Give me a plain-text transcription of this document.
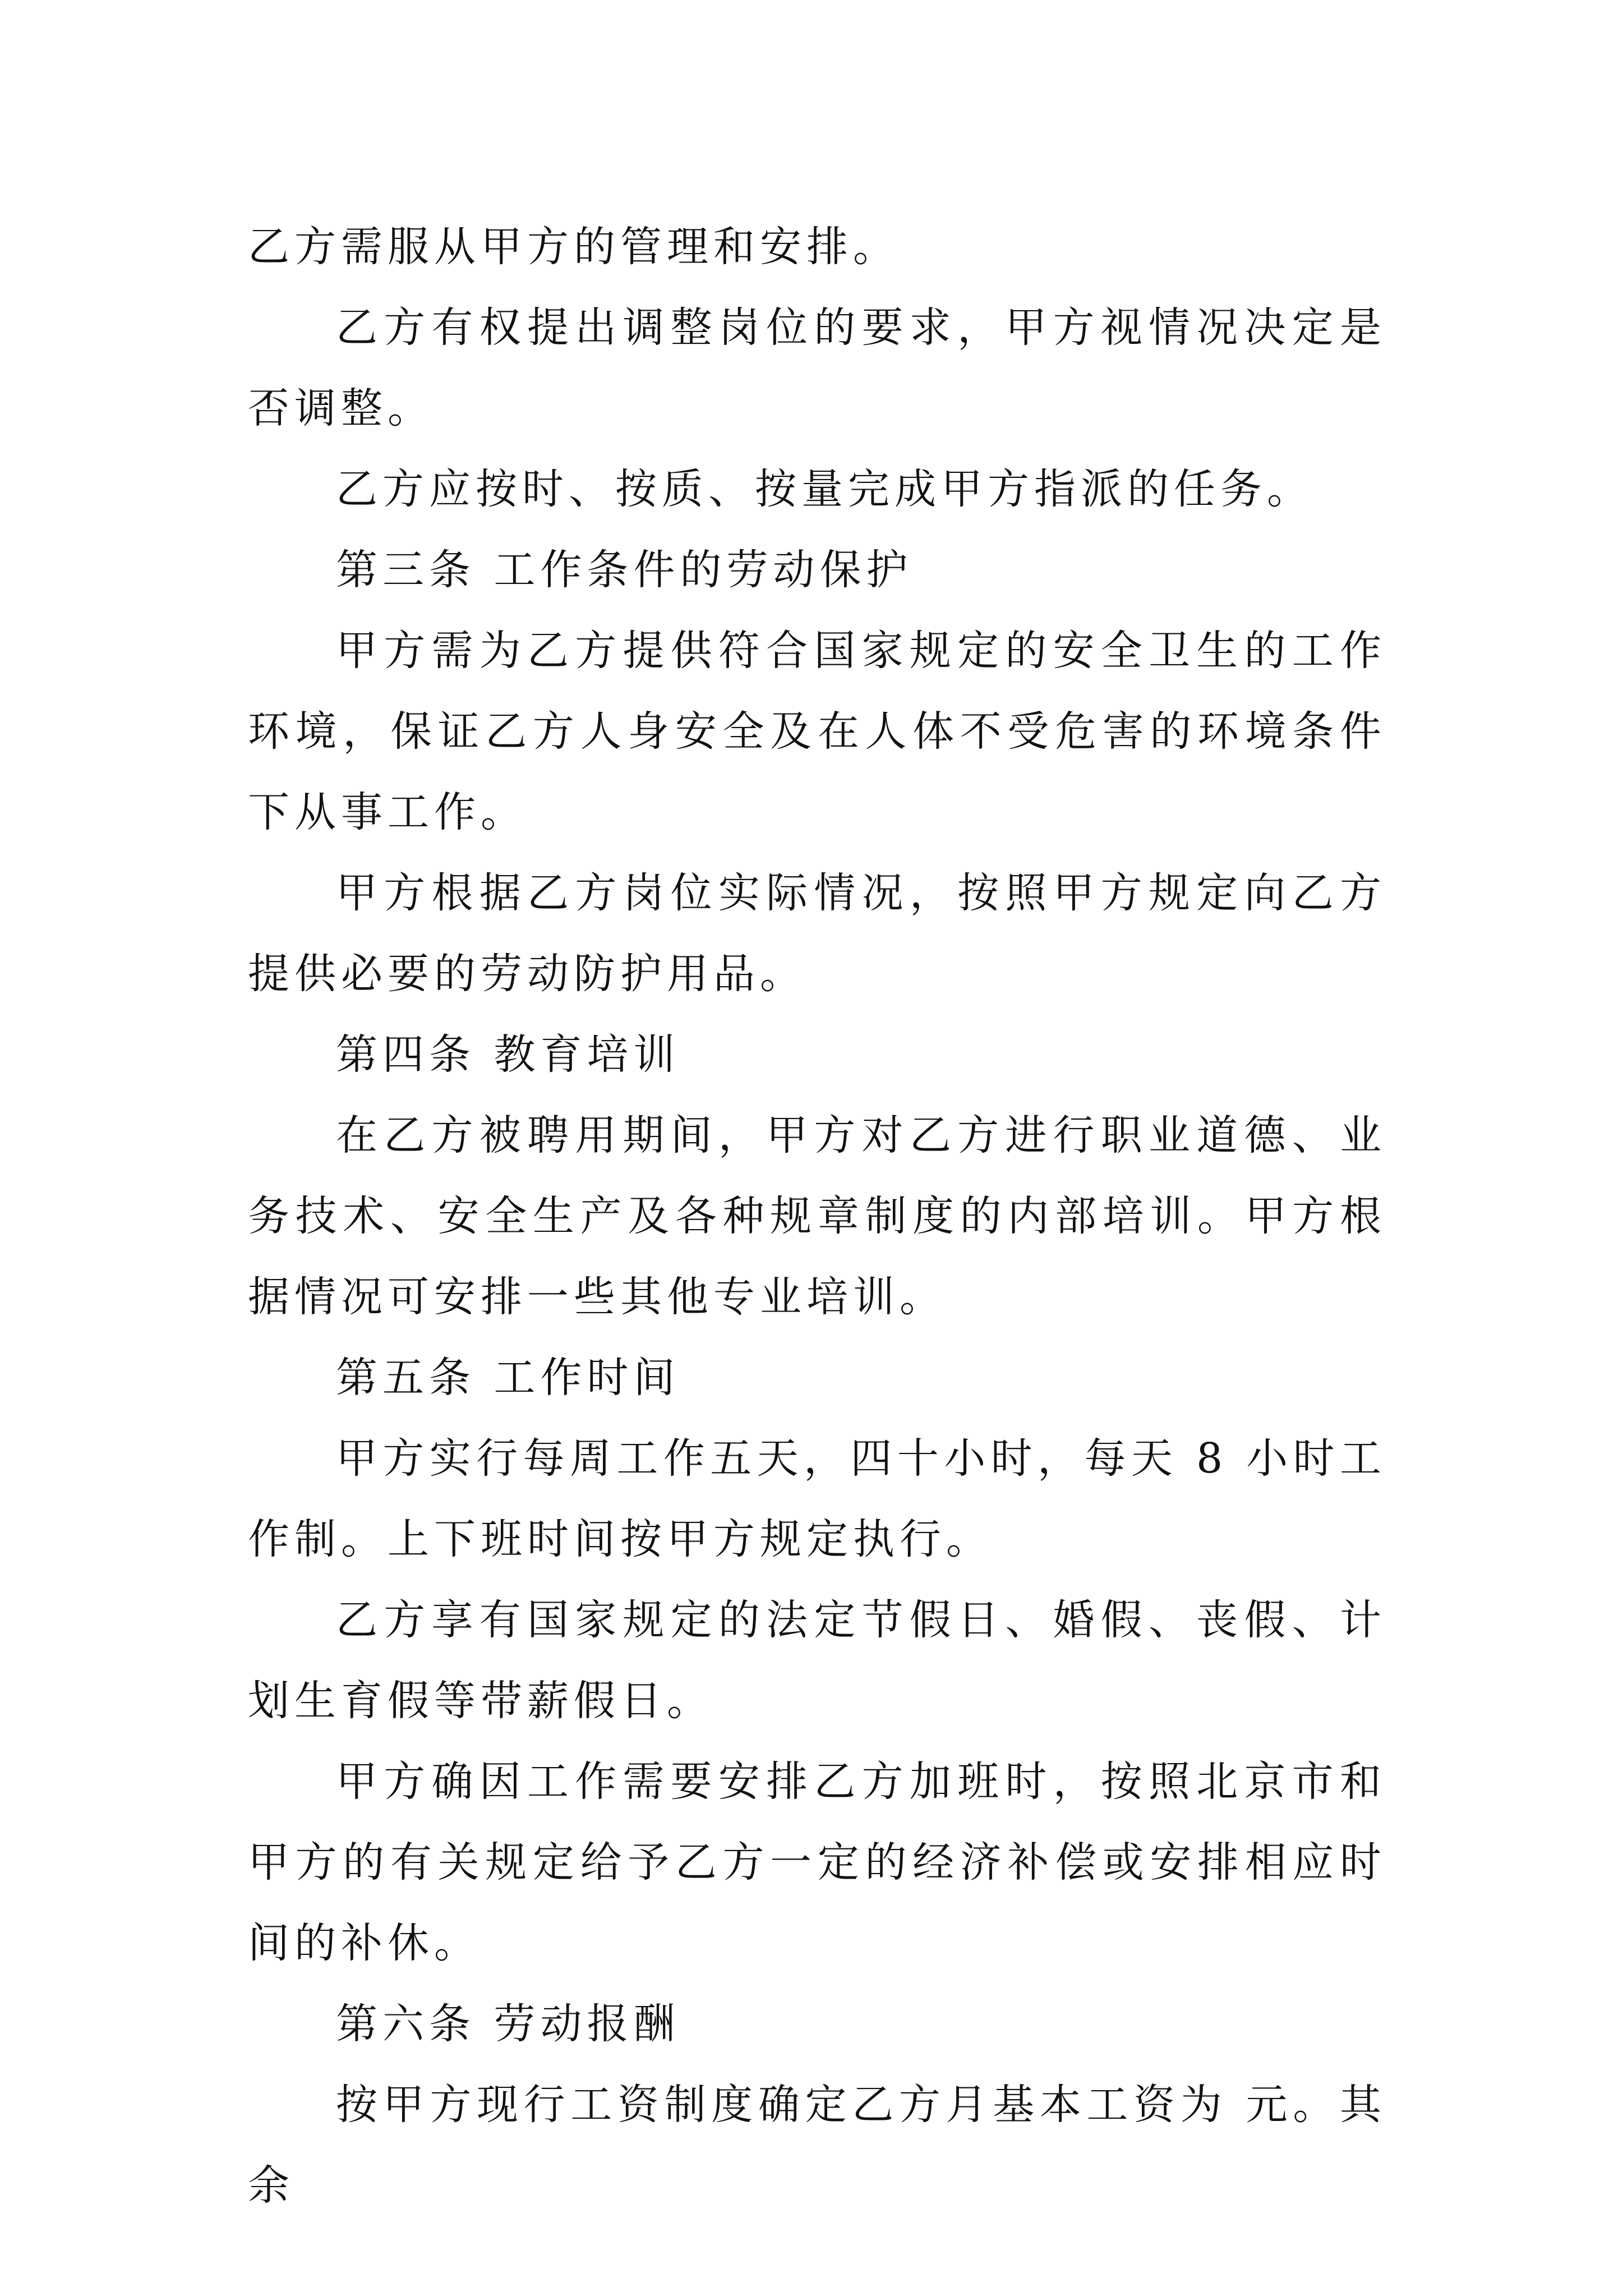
乙方需服从甲方的管理和安排。

乙方有权提出调整岗位的要求，甲方视情况决定是否调整。

乙方应按时、按质、按量完成甲方指派的任务。

第三条 工作条件的劳动保护

甲方需为乙方提供符合国家规定的安全卫生的工作环境，保证乙方人身安全及在人体不受危害的环境条件下从事工作。

甲方根据乙方岗位实际情况，按照甲方规定向乙方提供必要的劳动防护用品。

第四条 教育培训

在乙方被聘用期间，甲方对乙方进行职业道德、业务技术、安全生产及各种规章制度的内部培训。甲方根据情况可安排一些其他专业培训。

第五条 工作时间

甲方实行每周工作五天，四十小时，每天 8 小时工作制。上下班时间按甲方规定执行。

乙方享有国家规定的法定节假日、婚假、丧假、计划生育假等带薪假日。

甲方确因工作需要安排乙方加班时，按照北京市和甲方的有关规定给予乙方一定的经济补偿或安排相应时间的补休。

第六条 劳动报酬

按甲方现行工资制度确定乙方月基本工资为 元。其余
